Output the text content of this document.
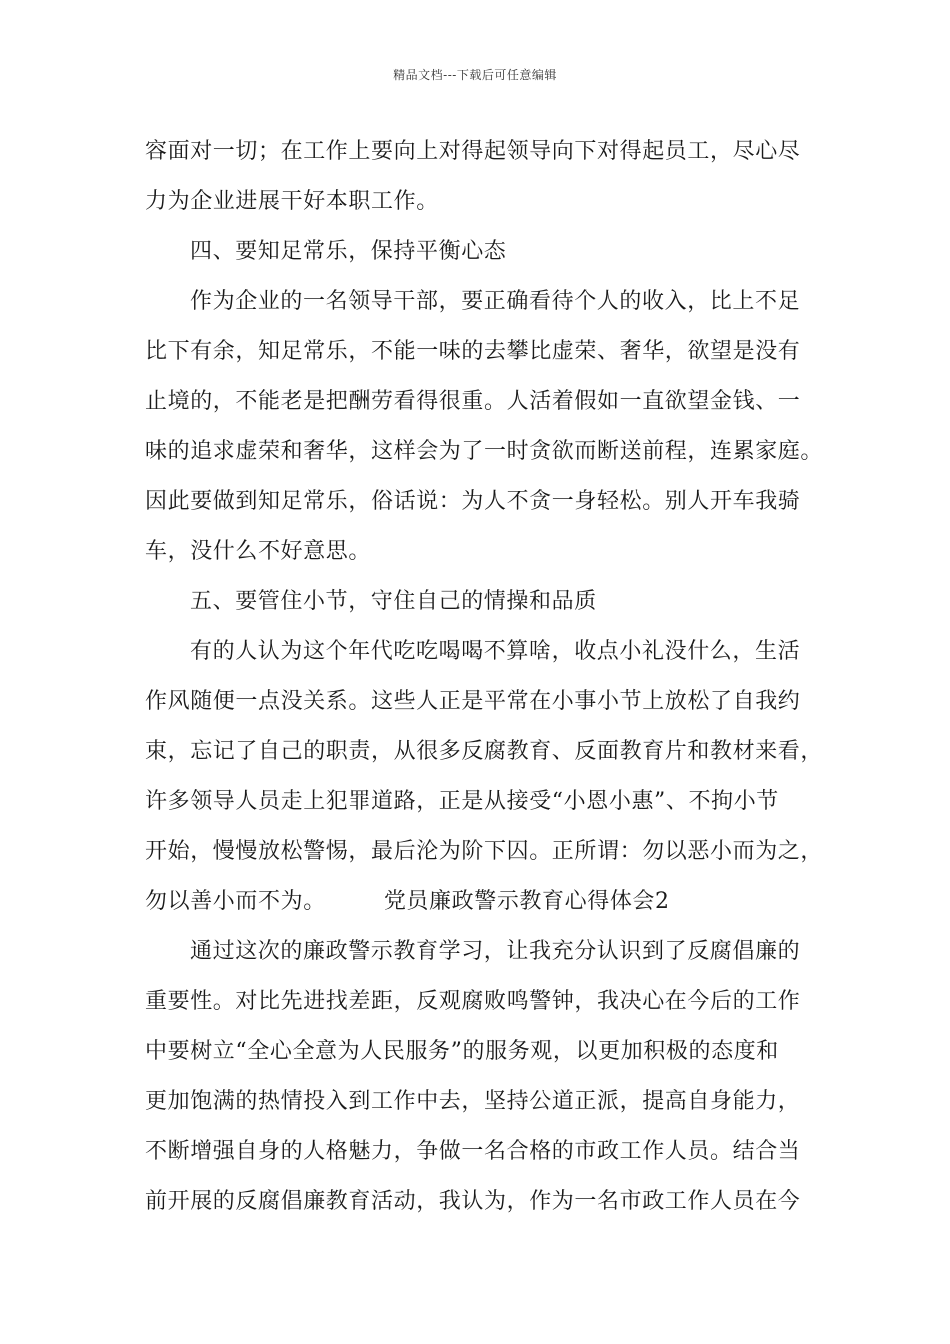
精品文档---下载后可任意编辑
容面对一切；在工作上要向上对得起领导向下对得起员工，尽心尽
力为企业进展干好本职工作。
四、要知足常乐，保持平衡心态
作为企业的一名领导干部，要正确看待个人的收入，比上不足
比下有余，知足常乐，不能一味的去攀比虚荣、奢华，欲望是没有
止境的，不能老是把酬劳看得很重。人活着假如一直欲望金钱、一
味的追求虚荣和奢华，这样会为了一时贪欲而断送前程，连累家庭。
因此要做到知足常乐，俗话说：为人不贪一身轻松。别人开车我骑
车，没什么不好意思。
五、要管住小节，守住自己的情操和品质
有的人认为这个年代吃吃喝喝不算啥，收点小礼没什么，生活
作风随便一点没关系。这些人正是平常在小事小节上放松了自我约
束，忘记了自己的职责，从很多反腐教育、反面教育片和教材来看，
许多领导人员走上犯罪道路，正是从接受“小恩小惠”、不拘小节
开始，慢慢放松警惕，最后沦为阶下囚。正所谓：勿以恶小而为之，
勿以善小而不为。	党员廉政警示教育心得体会2
通过这次的廉政警示教育学习，让我充分认识到了反腐倡廉的
重要性。对比先进找差距，反观腐败鸣警钟，我决心在今后的工作
中要树立“全心全意为人民服务”的服务观，以更加积极的态度和
更加饱满的热情投入到工作中去，坚持公道正派，提高自身能力，
不断增强自身的人格魅力，争做一名合格的市政工作人员。结合当
前开展的反腐倡廉教育活动，我认为，作为一名市政工作人员在今
